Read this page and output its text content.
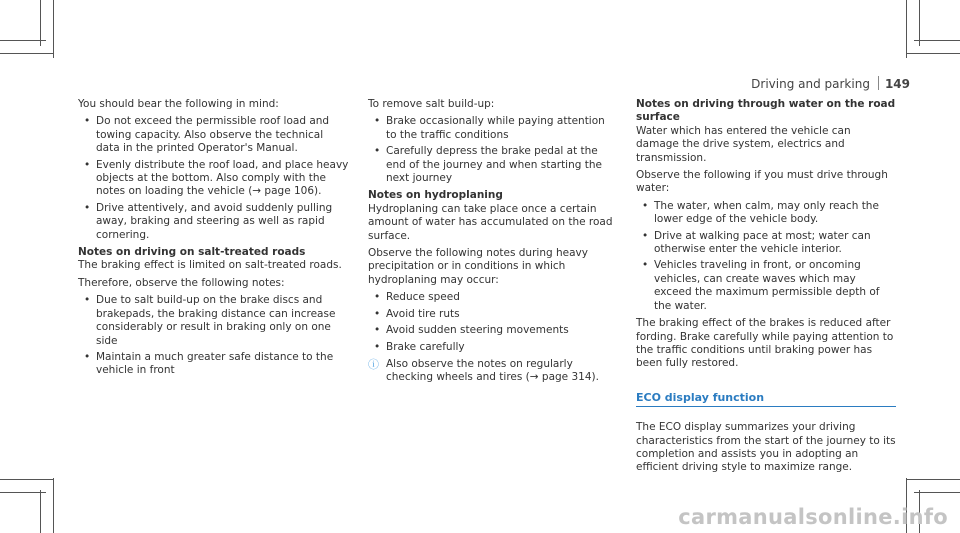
Driving and parking 149

You should bear the following in mind:

• Do not exceed the permissible roof load and towing capacity. Also observe the technical data in the printed Operator's Manual.
• Evenly distribute the roof load, and place heavy objects at the bottom. Also comply with the notes on loading the vehicle (→ page 106).
• Drive attentively, and avoid suddenly pulling away, braking and steering as well as rapid cornering.
Notes on driving on salt-treated roads

The braking effect is limited on salt-treated roads.

Therefore, observe the following notes:

• Due to salt build-up on the brake discs and brakepads, the braking distance can increase considerably or result in braking only on one side
• Maintain a much greater safe distance to the vehicle in front

To remove salt build-up:

• Brake occasionally while paying attention to the traffic conditions
• Carefully depress the brake pedal at the end of the journey and when starting the next journey
Notes on hydroplaning

Hydroplaning can take place once a certain amount of water has accumulated on the road surface.

Observe the following notes during heavy precipitation or in conditions in which hydroplaning may occur:

• Reduce speed
• Avoid tire ruts
• Avoid sudden steering movements
• Brake carefully
ⓘ Also observe the notes on regularly checking wheels and tires (→ page 314).
Notes on driving through water on the road surface

Water which has entered the vehicle can damage the drive system, electrics and transmission.

Observe the following if you must drive through water:

• The water, when calm, may only reach the lower edge of the vehicle body.
• Drive at walking pace at most; water can otherwise enter the vehicle interior.
• Vehicles traveling in front, or oncoming vehicles, can create waves which may exceed the maximum permissible depth of the water.

The braking effect of the brakes is reduced after fording. Brake carefully while paying attention to the traffic conditions until braking power has been fully restored.

ECO display function

The ECO display summarizes your driving characteristics from the start of the journey to its completion and assists you in adopting an efficient driving style to maximize range.

carmanualsonline.info
